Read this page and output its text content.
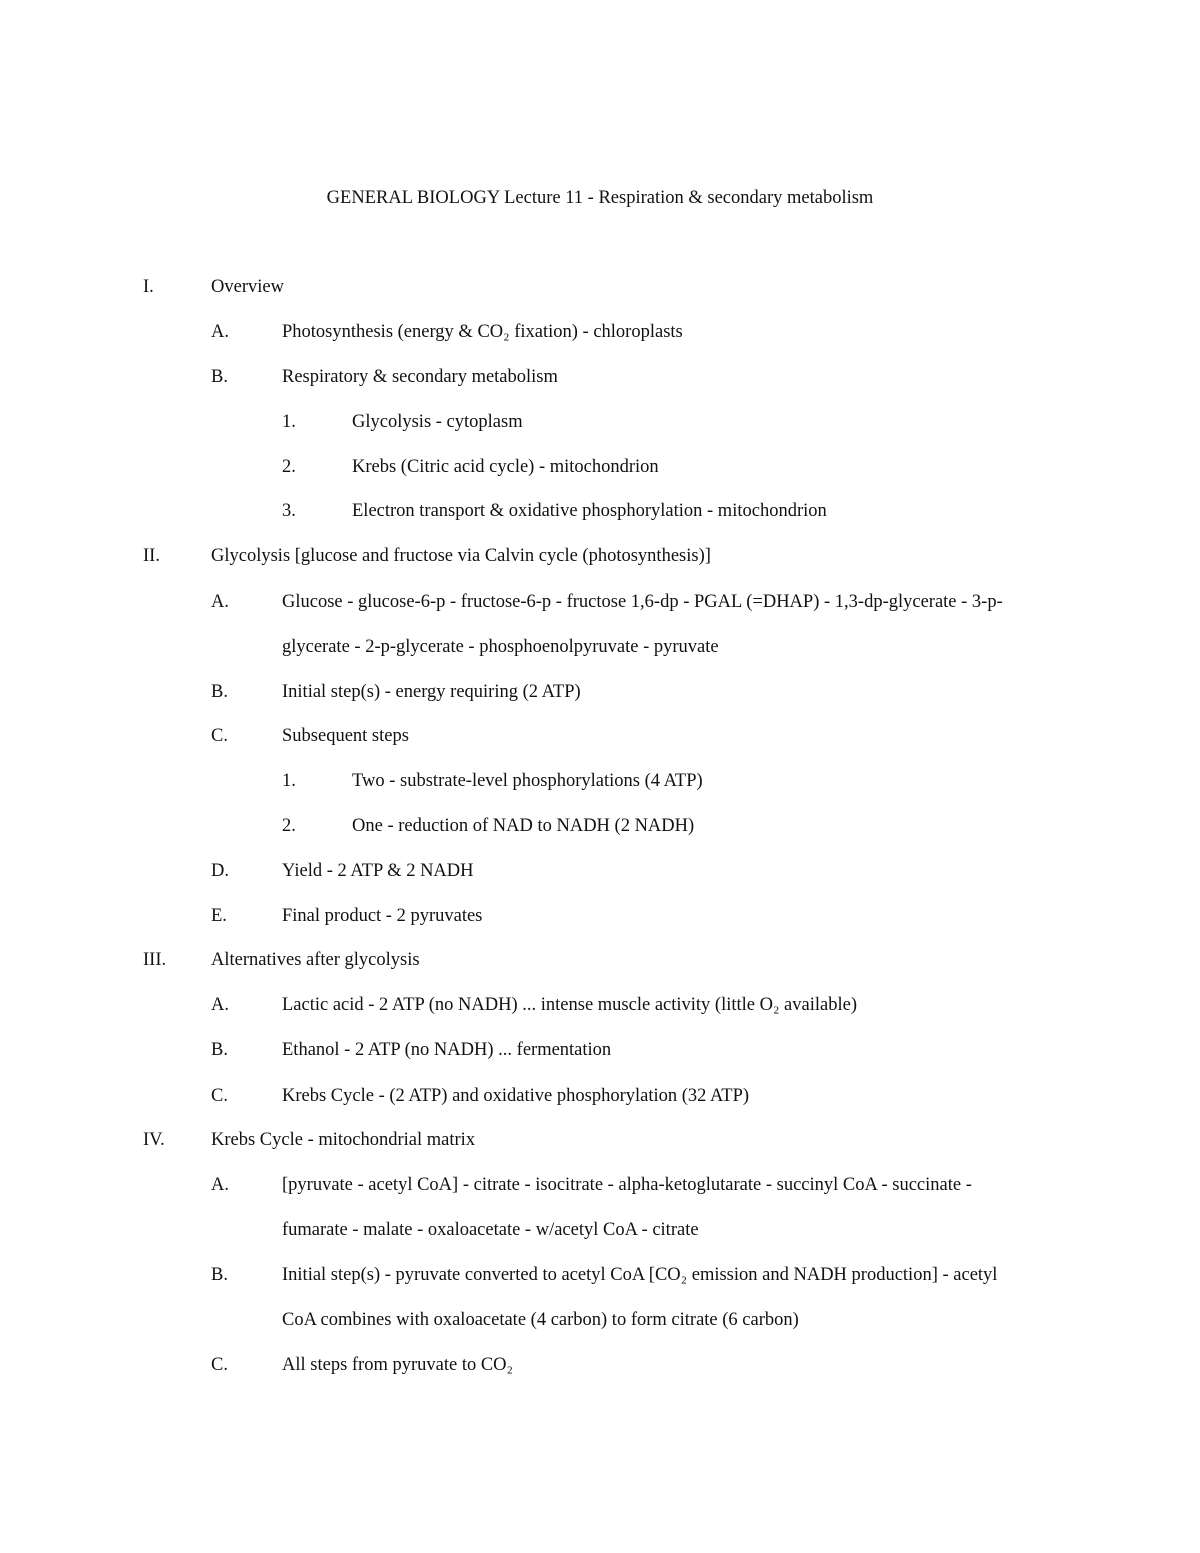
GENERAL BIOLOGY Lecture 11 - Respiration & secondary metabolism
I.	Overview
A.	Photosynthesis (energy & CO₂ fixation) - chloroplasts
B.	Respiratory & secondary metabolism
1.	Glycolysis - cytoplasm
2.	Krebs (Citric acid cycle) - mitochondrion
3.	Electron transport & oxidative phosphorylation - mitochondrion
II.	Glycolysis [glucose and fructose via Calvin cycle (photosynthesis)]
A.	Glucose - glucose-6-p - fructose-6-p - fructose 1,6-dp - PGAL (=DHAP) - 1,3-dp-glycerate - 3-p-
glycerate - 2-p-glycerate - phosphoenolpyruvate - pyruvate
B.	Initial step(s) - energy requiring (2 ATP)
C.	Subsequent steps
1.	Two - substrate-level phosphorylations (4 ATP)
2.	One - reduction of NAD to NADH (2 NADH)
D.	Yield - 2 ATP & 2 NADH
E.	Final product - 2 pyruvates
III. Alternatives after glycolysis
A.	Lactic acid - 2 ATP (no NADH) ... intense muscle activity (little O₂ available)
B.	Ethanol - 2 ATP (no NADH) ... fermentation
C.	Krebs Cycle - (2 ATP) and oxidative phosphorylation (32 ATP)
IV. Krebs Cycle - mitochondrial matrix
A.	[pyruvate - acetyl CoA] - citrate - isocitrate - alpha-ketoglutarate - succinyl CoA - succinate -
fumarate - malate - oxaloacetate - w/acetyl CoA - citrate
B.	Initial step(s) - pyruvate converted to acetyl CoA [CO₂ emission and NADH production] - acetyl
CoA combines with oxaloacetate (4 carbon) to form citrate (6 carbon)
C.	All steps from pyruvate to CO₂
